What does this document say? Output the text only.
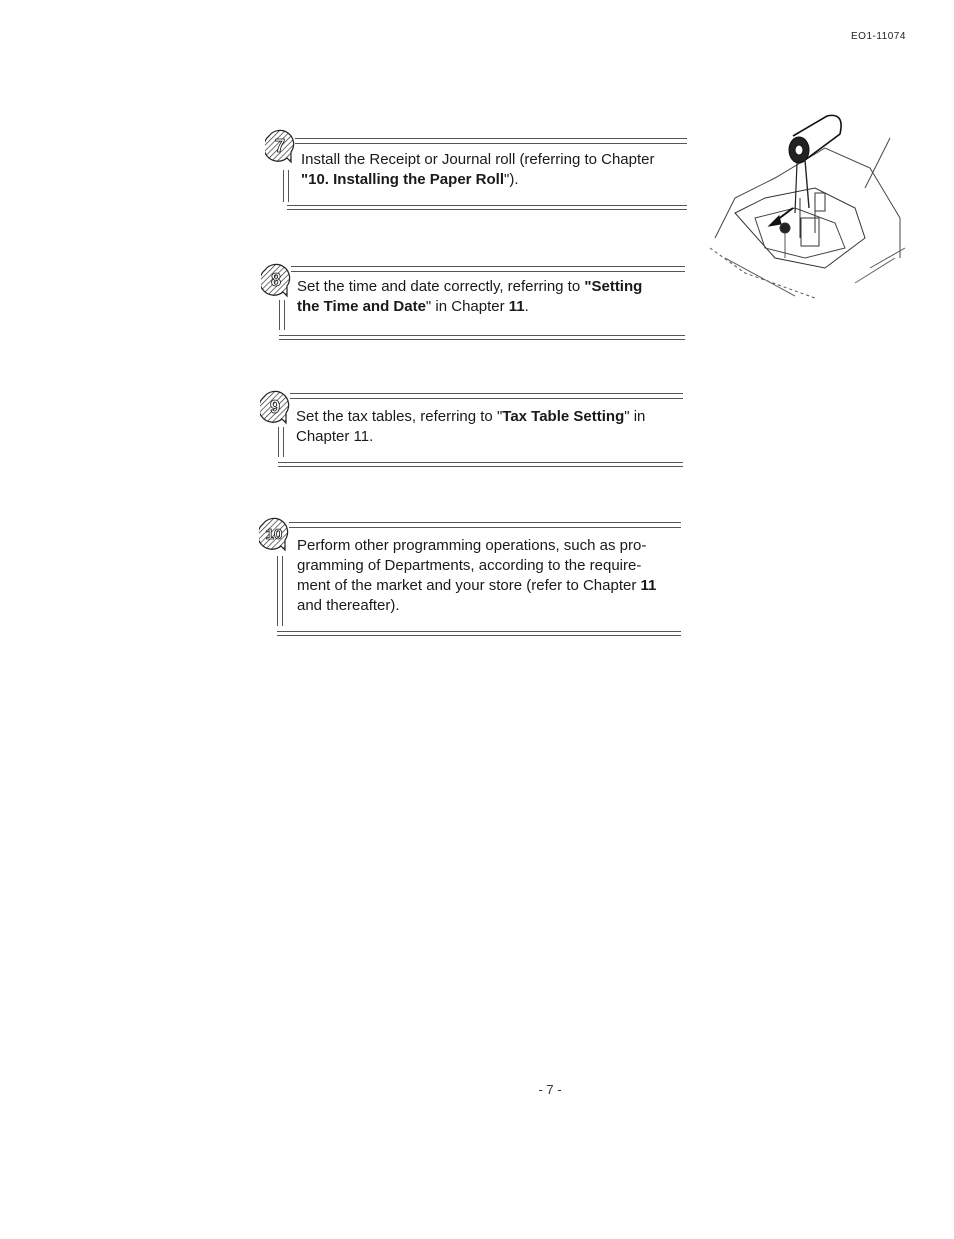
EO1-11074
7

Install the Receipt or Journal roll (referring to Chapter
"10. Installing the Paper Roll").

8 Set the time and date correctly, referring to "Setting
the Time and Date" in Chapter 11.

9 Set the tax tables, referring to "Tax Table Setting" in
Chapter 11.

10

Perform other programming operations, such as pro-
gramming of Departments, according to the require-
ment of the market and your store (refer to Chapter 11
and thereafter).

- 7 -
